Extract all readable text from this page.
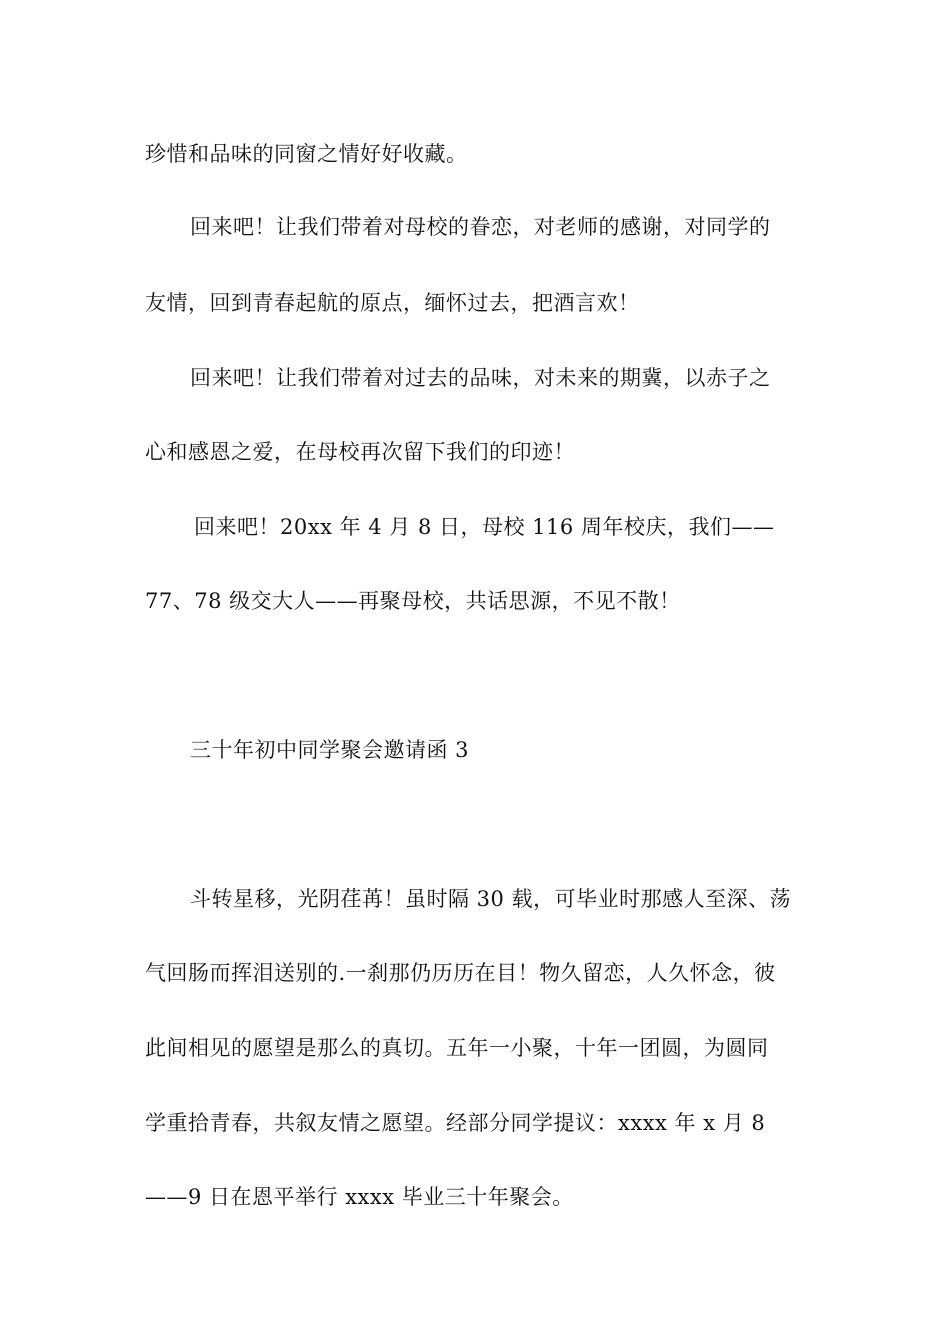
珍惜和品味的同窗之情好好收藏。
回来吧！让我们带着对母校的眷恋，对老师的感谢，对同学的
友情，回到青春起航的原点，缅怀过去，把酒言欢！
回来吧！让我们带着对过去的品味，对未来的期冀，以赤子之
心和感恩之爱，在母校再次留下我们的印迹！
回来吧！20xx 年 4 月 8 日，母校 116 周年校庆，我们——
77、78 级交大人——再聚母校，共话思源，不见不散！
三十年初中同学聚会邀请函 3
斗转星移，光阴荏苒！虽时隔 30 载，可毕业时那感人至深、荡
气回肠而挥泪送别的.一刹那仍历历在目！物久留恋，人久怀念，彼
此间相见的愿望是那么的真切。五年一小聚，十年一团圆，为圆同
学重拾青春，共叙友情之愿望。经部分同学提议：xxxx 年 x 月 8
——9 日在恩平举行 xxxx 毕业三十年聚会。
